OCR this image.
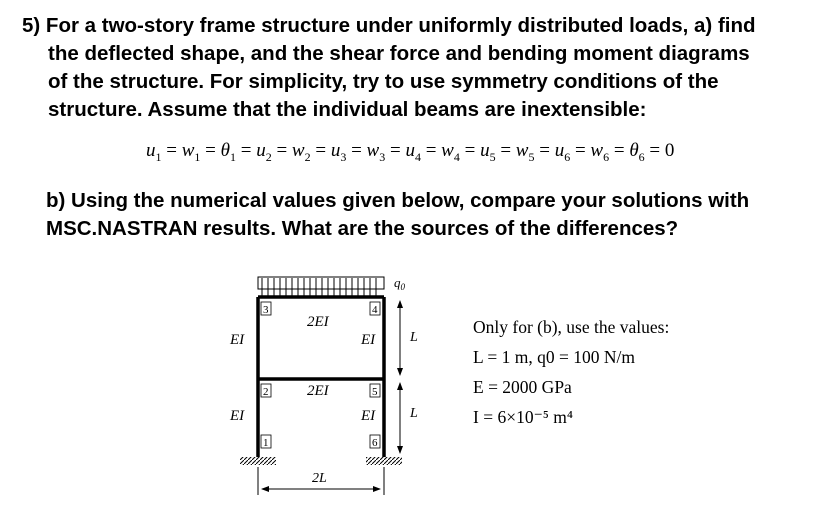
5) For a two-story frame structure under uniformly distributed loads, a) find
the deflected shape, and the shear force and bending moment diagrams
of the structure. For simplicity, try to use symmetry conditions of the
structure. Assume that the individual beams are inextensible:
$u_1 = w_1 = \theta_1 = u_2 = w_2 = u_3 = w_3 = u_4 = w_4 = u_5 = w_5 = u_6 = w_6 = \theta_6 = 0$
b) Using the numerical values given below, compare your solutions with
MSC.NASTRAN results. What are the sources of the differences?
$q_0$
3	4
2	5
1	6
2EI
2EI
EI
EI
EI
EI
L
L
2L
Only for (b), use the values:
L = 1 m, q0 = 100 N/m
E = 2000 GPa
I = 6×10⁻⁵ m⁴
